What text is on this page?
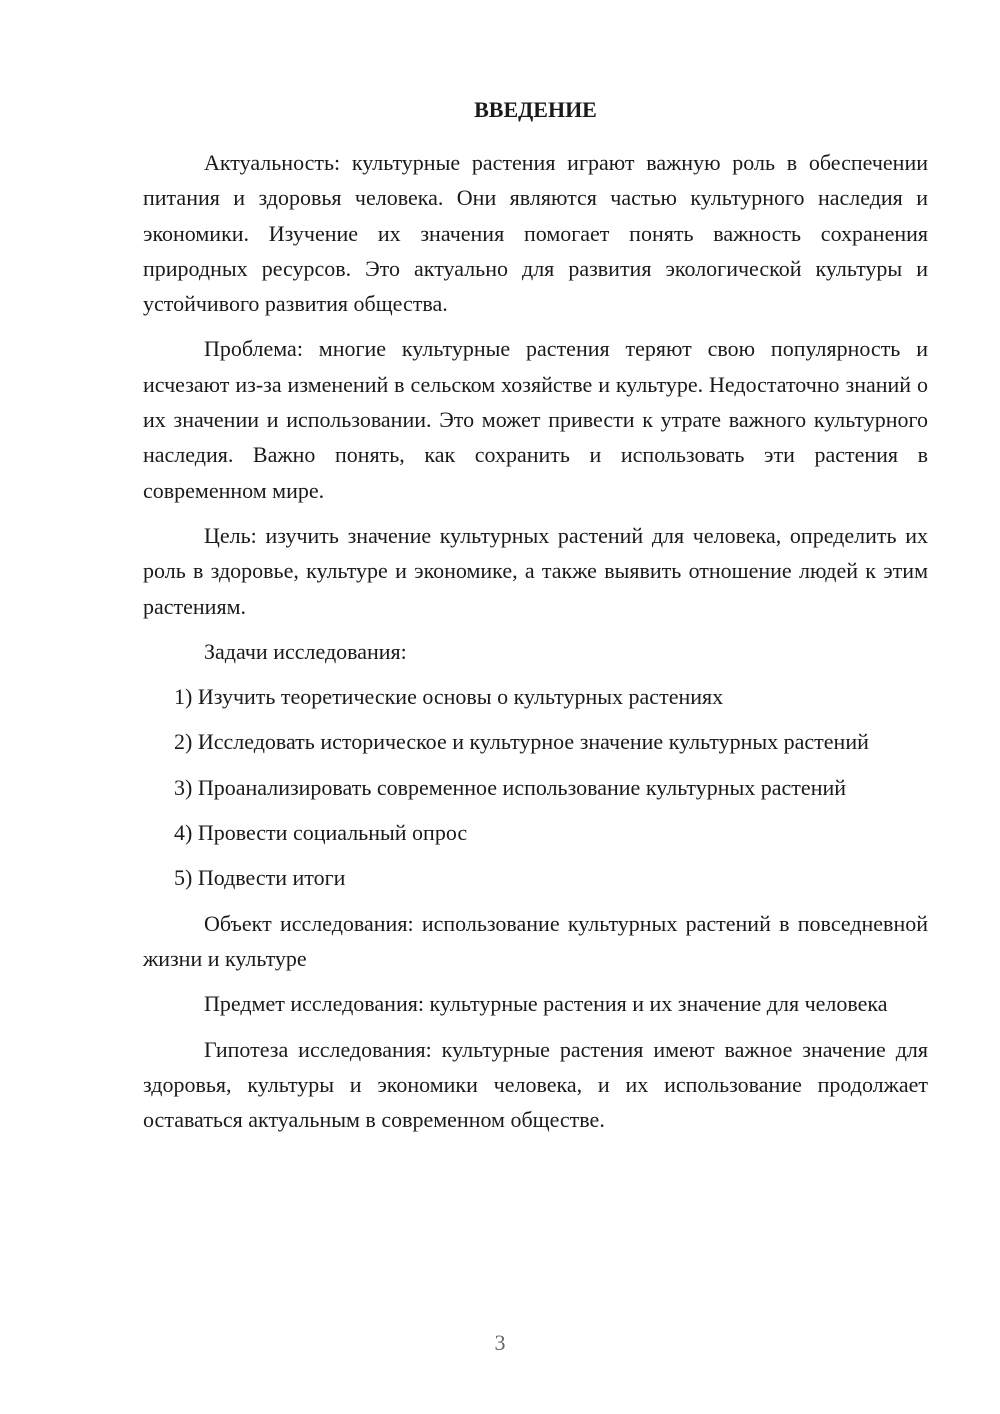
ВВЕДЕНИЕ

Актуальность: культурные растения играют важную роль в обеспечении питания и здоровья человека. Они являются частью культурного наследия и экономики. Изучение их значения помогает понять важность сохранения природных ресурсов. Это актуально для развития экологической культуры и устойчивого развития общества.

Проблема: многие культурные растения теряют свою популярность и исчезают из-за изменений в сельском хозяйстве и культуре. Недостаточно знаний о их значении и использовании. Это может привести к утрате важного культурного наследия. Важно понять, как сохранить и использовать эти растения в современном мире.

Цель: изучить значение культурных растений для человека, определить их роль в здоровье, культуре и экономике, а также выявить отношение людей к этим растениям.

Задачи исследования:

1) Изучить теоретические основы о культурных растениях

2) Исследовать историческое и культурное значение культурных растений

3) Проанализировать современное использование культурных растений

4) Провести социальный опрос

5) Подвести итоги

Объект исследования: использование культурных растений в повседневной жизни и культуре

Предмет исследования: культурные растения и их значение для человека

Гипотеза исследования: культурные растения имеют важное значение для здоровья, культуры и экономики человека, и их использование продолжает оставаться актуальным в современном обществе.

3
